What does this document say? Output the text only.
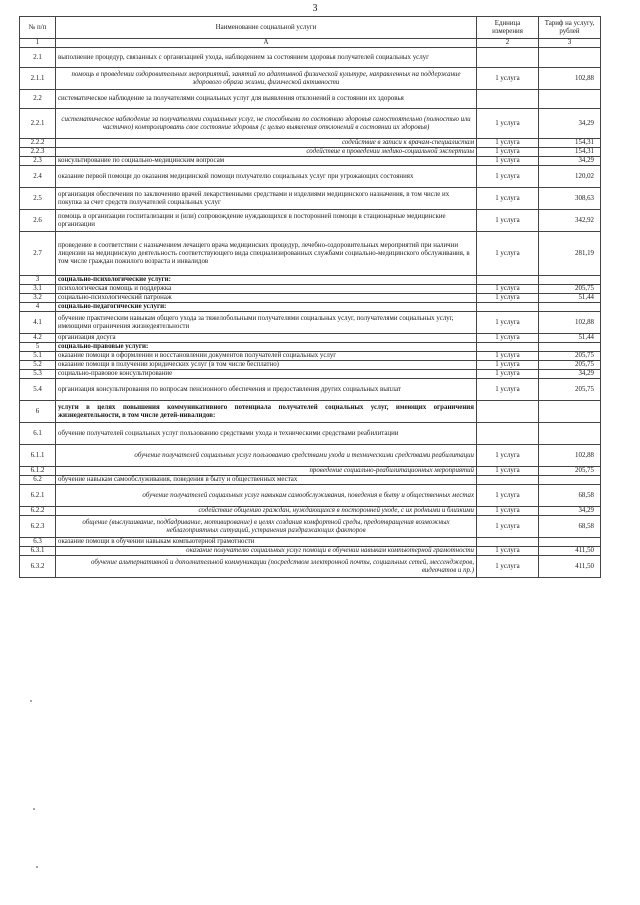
3
№ п/п	Наименование социальной услуги	Единица измерения	Тариф на услугу, рублей
1	А	2	3
2.1	выполнение процедур, связанных с организацией ухода, наблюдением за состоянием здоровья получателей социальных услуг		
2.1.1	помощь в проведении оздоровительных мероприятий, занятий по адаптивной физической культуре, направленных на поддержание здорового образа жизни, физической активности	1 услуга	102,88
2.2	систематическое наблюдение за получателями социальных услуг для выявления отклонений в состоянии их здоровья		
2.2.1	систематическое наблюдение за получателями социальных услуг, не способными по состоянию здоровья самостоятельно (полностью или частично) контролировать свое состояние здоровья (с целью выявления отклонений в состоянии их здоровья)	1 услуга	34,29
2.2.2	содействие в записи к врачам-специалистам	1 услуга	154,31
2.2.3	содействие в проведении медико-социальной экспертизы	1 услуга	154,31
2.3	консультирование по социально-медицинским вопросам	1 услуга	34,29
2.4	оказание первой помощи до оказания медицинской помощи получателю социальных услуг при угрожающих состояниях	1 услуга	120,02
2.5	организация обеспечения по заключению врачей лекарственными средствами и изделиями медицинского назначения, в том числе их покупка за счет средств получателей социальных услуг	1 услуга	308,63
2.6	помощь в организации госпитализации и (или) сопровождение нуждающихся в посторонней помощи в стационарные медицинские организации	1 услуга	342,92
2.7	проведение в соответствии с назначением лечащего врача медицинских процедур, лечебно-оздоровительных мероприятий при наличии лицензии на медицинскую деятельность соответствующего вида специализированных службами социально-медицинского обслуживания, в том числе граждан пожилого возраста и инвалидов	1 услуга	281,19
3	социально-психологические услуги:		
3.1	психологическая помощь и поддержка	1 услуга	205,75
3.2	социально-психологический патронаж	1 услуга	51,44
4	социально-педагогические услуги:		
4.1	обучение практическим навыкам общего ухода за тяжелобольными получателями социальных услуг, получателями социальных услуг, имеющими ограничения жизнедеятельности	1 услуга	102,88
4.2	организация досуга	1 услуга	51,44
5	социально-правовые услуги:		
5.1	оказание помощи в оформлении и восстановлении документов получателей социальных услуг	1 услуга	205,75
5.2	оказание помощи в получении юридических услуг (в том числе бесплатно)	1 услуга	205,75
5.3	социально-правовое консультирование	1 услуга	34,29
5.4	организация консультирования по вопросам пенсионного обеспечения и предоставления других социальных выплат	1 услуга	205,75
6	услуги в целях повышения коммуникативного потенциала получателей социальных услуг, имеющих ограничения жизнедеятельности, в том числе детей-инвалидов:		
6.1	обучение получателей социальных услуг пользованию средствами ухода и техническими средствами реабилитации		
6.1.1	обучение получателей социальных услуг пользованию средствами ухода и техническими средствами реабилитации	1 услуга	102,88
6.1.2	проведение социально-реабилитационных мероприятий	1 услуга	205,75
6.2	обучение навыкам самообслуживания, поведения в быту и общественных местах		
6.2.1	обучение получателей социальных услуг навыкам самообслуживания, поведения в быту и общественных местах	1 услуга	68,58
6.2.2	содействие общению граждан, нуждающихся в посторонней уходе, с их родными и близкими	1 услуга	34,29
6.2.3	общение (выслушивание, подбадривание, мотивирование) в целях создания комфортной среды, предотвращения возможных неблагоприятных ситуаций, устранения раздражающих факторов	1 услуга	68,58
6.3	оказание помощи в обучении навыкам компьютерной грамотности		
6.3.1	оказание получателю социальных услуг помощи в обучении навыкам компьютерной грамотности	1 услуга	411,50
6.3.2	обучение альтернативной и дополнительной коммуникации (посредством электронной почты, социальных сетей, мессенджеров, видеочатов и пр.)	1 услуга	411,50
